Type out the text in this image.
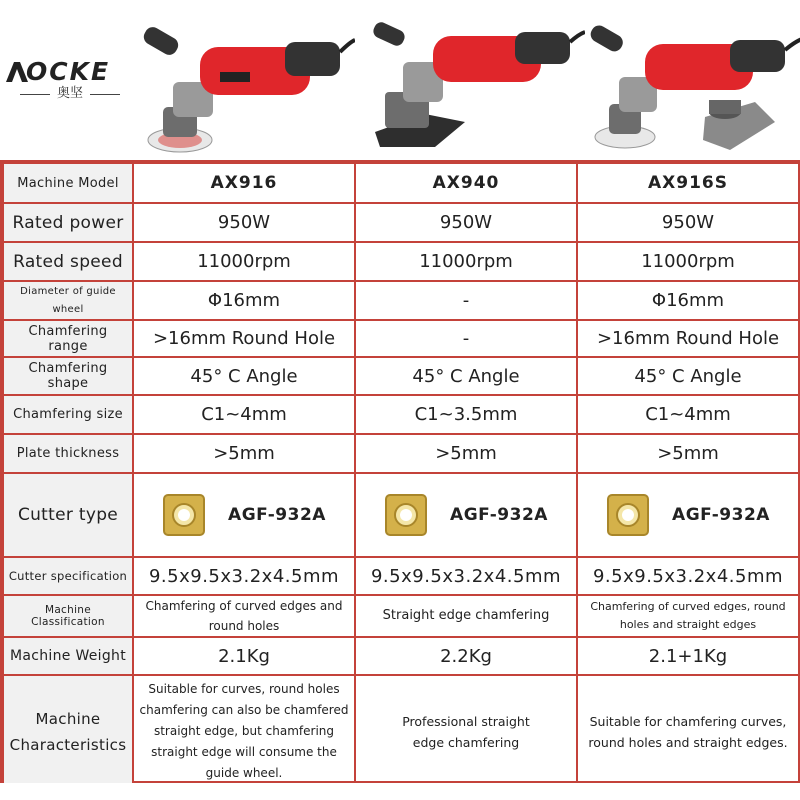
OCKE
奥坚
Machine Model	AX916	AX940	AX916S
Rated power	950W	950W	950W
Rated speed	11000rpm	11000rpm	11000rpm
Diameter of guide wheel	Φ16mm	-	Φ16mm
Chamfering range	>16mm Round Hole	-	>16mm Round Hole
Chamfering shape	45° C Angle	45° C Angle	45° C Angle
Chamfering size	C1~4mm	C1~3.5mm	C1~4mm
Plate thickness	>5mm	>5mm	>5mm
Cutter type	AGF-932A	AGF-932A	AGF-932A

Cutter specification	9.5x9.5x3.2x4.5mm	9.5x9.5x3.2x4.5mm	9.5x9.5x3.2x4.5mm
Machine Classification	Chamfering of curved edges and round holes	Straight edge chamfering	Chamfering of curved edges, round holes and straight edges
Machine Weight	2.1Kg	2.2Kg	2.1+1Kg
Machine Characteristics	Suitable for curves, round holes chamfering can also be chamfered straight edge, but chamfering straight edge will consume the guide wheel.	Professional straight edge chamfering	Suitable for chamfering curves, round holes and straight edges.
